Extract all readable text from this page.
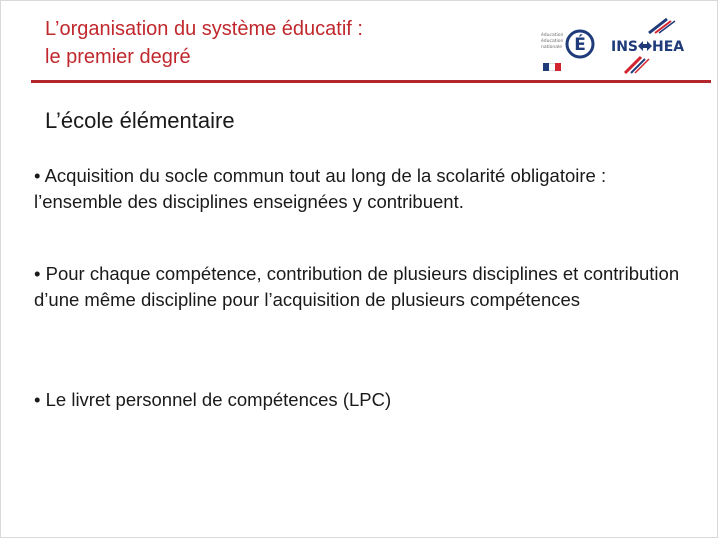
L’organisation du système éducatif :
le premier degré
É
éducation
éducation
nationale	INS HEA
L’école élémentaire

• Acquisition du socle commun tout au long de la scolarité obligatoire : l’ensemble des disciplines enseignées y contribuent.

• Pour chaque compétence, contribution de plusieurs disciplines et contribution d’une même discipline pour l’acquisition de plusieurs compétences

• Le livret personnel de compétences (LPC)
